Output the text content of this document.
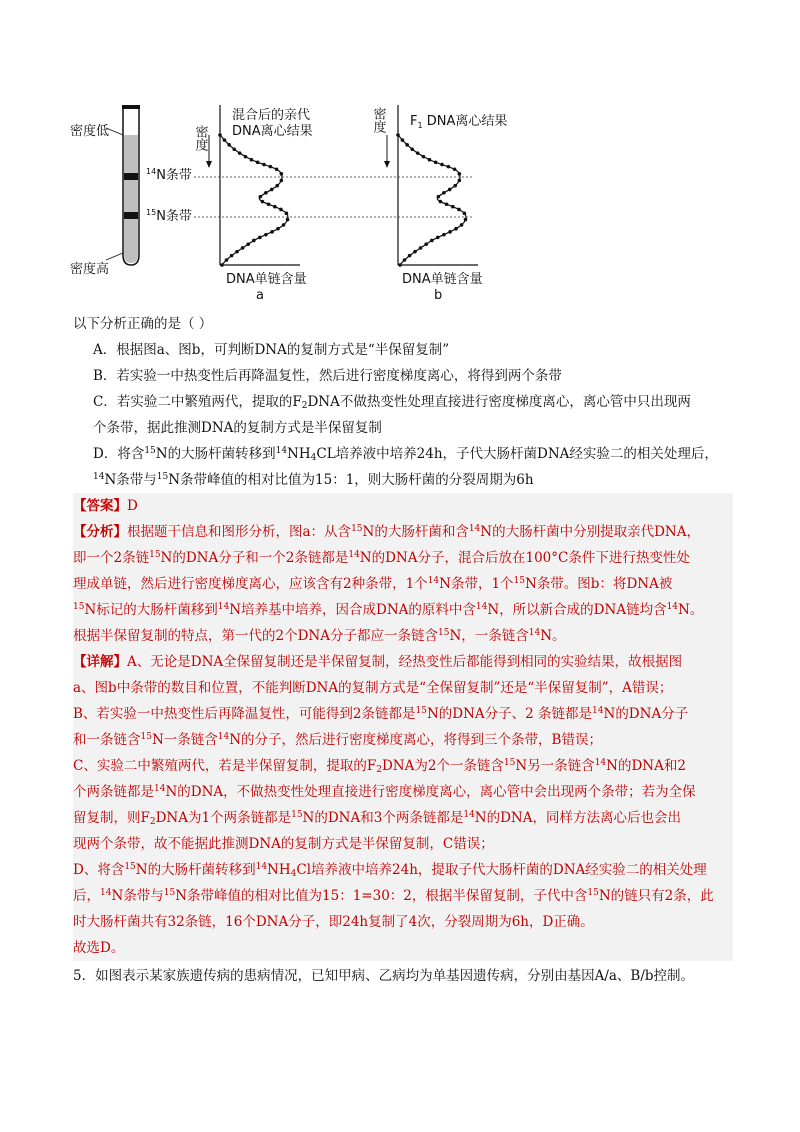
密度低
密度高
$^{14}$N条带
$^{15}$N条带
密度
混合后的亲代
DNA离心结果
DNA单链含量
a
密度 $F_1$ DNA离心结果
DNA单链含量
b
以下分析正确的是（ ）
A．根据图a、图b，可判断DNA的复制方式是“半保留复制”
B．若实验一中热变性后再降温复性，然后进行密度梯度离心，将得到两个条带
C．若实验二中繁殖两代，提取的$F_2DNA$不做热变性处理直接进行密度梯度离心，离心管中只出现两
个条带，据此推测DNA的复制方式是半保留复制
D．将含$^{15}$N的大肠杆菌转移到$^{14}NH_4CL$培养液中培养24h，子代大肠杆菌DNA经实验二的相关处理后，
$^{14}$N条带与$^{15}$N条带峰值的相对比值为15：1，则大肠杆菌的分裂周期为6h
【答案】D
【分析】根据题干信息和图形分析，图a：从含$^{15}$N的大肠杆菌和含$^{14}$N的大肠杆菌中分别提取亲代DNA，
即一个2条链$^{15}$N的DNA分子和一个2条链都是$^{14}$N的DNA分子，混合后放在100°C条件下进行热变性处
理成单链，然后进行密度梯度离心，应该含有2种条带，1个$^{14}$N条带，1个$^{15}$N条带。图b：将DNA被
$^{15}$N标记的大肠杆菌移到$^{14}$N培养基中培养，因合成DNA的原料中含$^{14}$N，所以新合成的DNA链均含$^{14}$N。
根据半保留复制的特点，第一代的2个DNA分子都应一条链含$^{15}$N，一条链含$^{14}$N。
【详解】A、无论是DNA全保留复制还是半保留复制，经热变性后都能得到相同的实验结果，故根据图
a、图b中条带的数目和位置，不能判断DNA的复制方式是“全保留复制”还是“半保留复制”，A错误；
B、若实验一中热变性后再降温复性，可能得到2条链都是$^{15}$N的DNA分子、2 条链都是$^{14}$N的DNA分子
和一条链含$^{15}$N一条链含$^{14}$N的分子，然后进行密度梯度离心，将得到三个条带，B错误；
C、实验二中繁殖两代，若是半保留复制，提取的$F_2DNA$为2个一条链含$^{15}$N另一条链含$^{14}$N的DNA和2
个两条链都是$^{14}$N的DNA，不做热变性处理直接进行密度梯度离心，离心管中会出现两个条带；若为全保
留复制，则$F_2DNA$为1个两条链都是$^{15}$N的DNA和3个两条链都是$^{14}$N的DNA，同样方法离心后也会出
现两个条带，故不能据此推测DNA的复制方式是半保留复制，C错误；
D、将含$^{15}$N的大肠杆菌转移到$^{14}NH_4Cl$培养液中培养24h，提取子代大肠杆菌的DNA经实验二的相关处理
后，$^{14}$N条带与$^{15}$N条带峰值的相对比值为15：1=30：2，根据半保留复制，子代中含$^{15}$N的链只有2条，此
时大肠杆菌共有32条链，16个DNA分子，即24h复制了4次，分裂周期为6h，D正确。
故选D。
5．如图表示某家族遗传病的患病情况，已知甲病、乙病均为单基因遗传病，分别由基因A/a、B/b控制。
